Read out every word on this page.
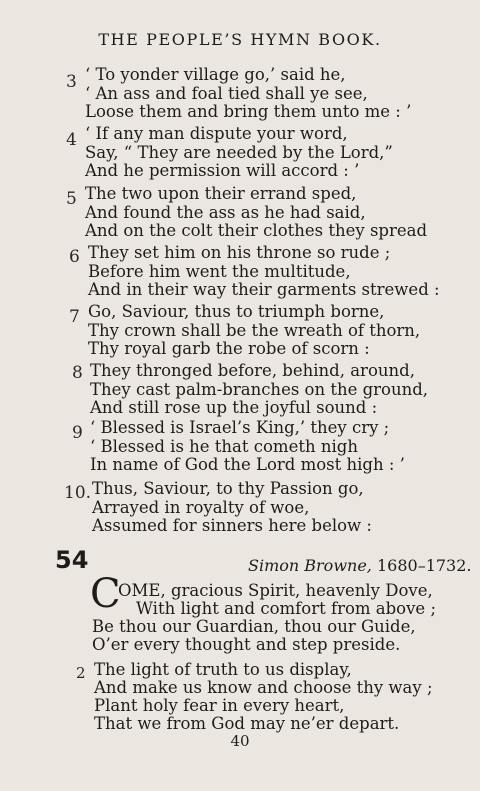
THE PEOPLE’S HYMN BOOK.
3 ‘ To yonder village go,’ said he,
‘ An ass and foal tied shall ye see,
Loose them and bring them unto me : ’
4 ‘ If any man dispute your word,
Say, “ They are needed by the Lord,”
And he permission will accord : ’
5 The two upon their errand sped,
And found the ass as he had said,
And on the colt their clothes they spread
6 They set him on his throne so rude ;
Before him went the multitude,
And in their way their garments strewed :
7 Go, Saviour, thus to triumph borne,
Thy crown shall be the wreath of thorn,
Thy royal garb the robe of scorn :
8 They thronged before, behind, around,
They cast palm-branches on the ground,
And still rose up the joyful sound :
9 ‘ Blessed is Israel’s King,’ they cry ;
‘ Blessed is he that cometh nigh
In name of God the Lord most high : ’
10. Thus, Saviour, to thy Passion go,
Arrayed in royalty of woe,
Assumed for sinners here below :
54	Simon Browne, 1680–1732.
C
OME, gracious Spirit, heavenly Dove,
With light and comfort from above ;
Be thou our Guardian, thou our Guide,
O’er every thought and step preside.
2 The light of truth to us display,
And make us know and choose thy way ;
Plant holy fear in every heart,
That we from God may ne’er depart.
40
